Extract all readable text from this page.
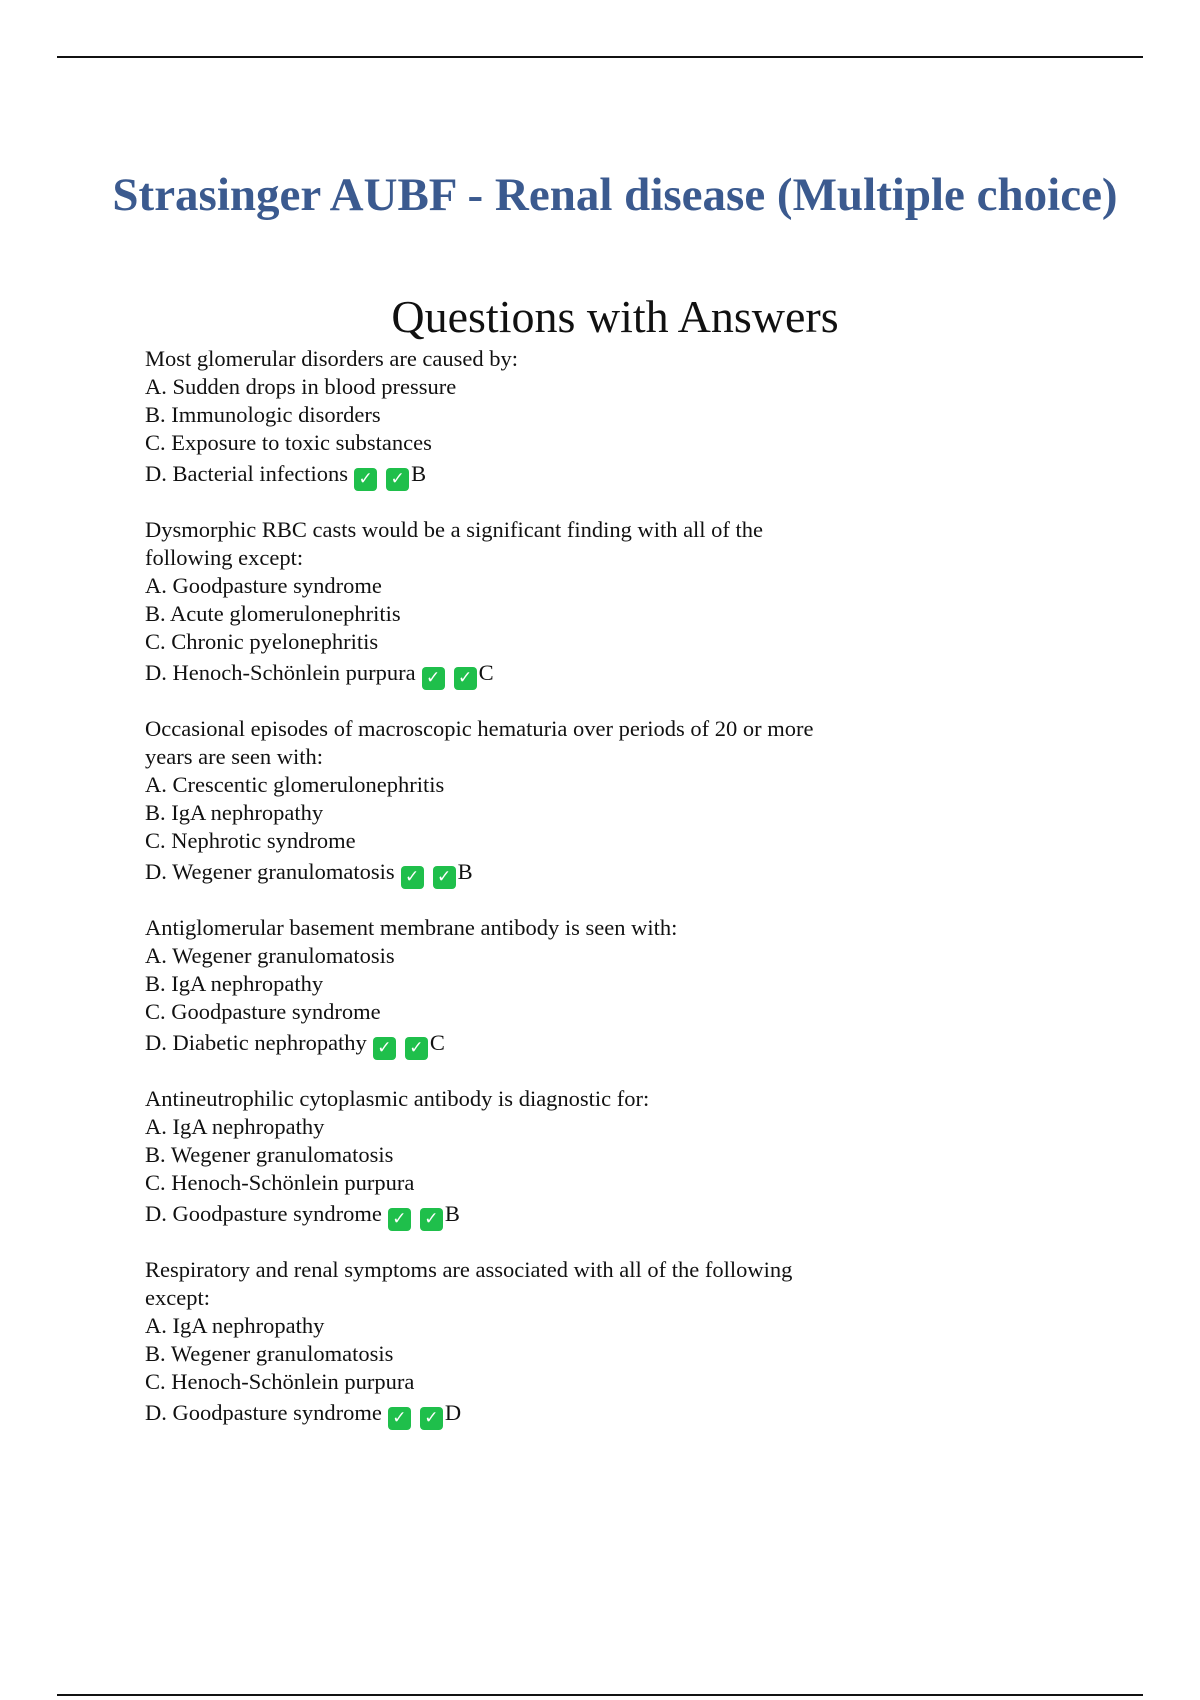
Strasinger AUBF - Renal disease (Multiple choice)
Questions with Answers
Most glomerular disorders are caused by:
A. Sudden drops in blood pressure
B. Immunologic disorders
C. Exposure to toxic substances
D. Bacterial infections ✓ ✓ B
Dysmorphic RBC casts would be a significant finding with all of the following except:
A. Goodpasture syndrome
B. Acute glomerulonephritis
C. Chronic pyelonephritis
D. Henoch-Schönlein purpura ✓ ✓ C
Occasional episodes of macroscopic hematuria over periods of 20 or more years are seen with:
A. Crescentic glomerulonephritis
B. IgA nephropathy
C. Nephrotic syndrome
D. Wegener granulomatosis ✓ ✓ B
Antiglomerular basement membrane antibody is seen with:
A. Wegener granulomatosis
B. IgA nephropathy
C. Goodpasture syndrome
D. Diabetic nephropathy ✓ ✓ C
Antineutrophilic cytoplasmic antibody is diagnostic for:
A. IgA nephropathy
B. Wegener granulomatosis
C. Henoch-Schönlein purpura
D. Goodpasture syndrome ✓ ✓ B
Respiratory and renal symptoms are associated with all of the following except:
A. IgA nephropathy
B. Wegener granulomatosis
C. Henoch-Schönlein purpura
D. Goodpasture syndrome ✓ ✓ D
